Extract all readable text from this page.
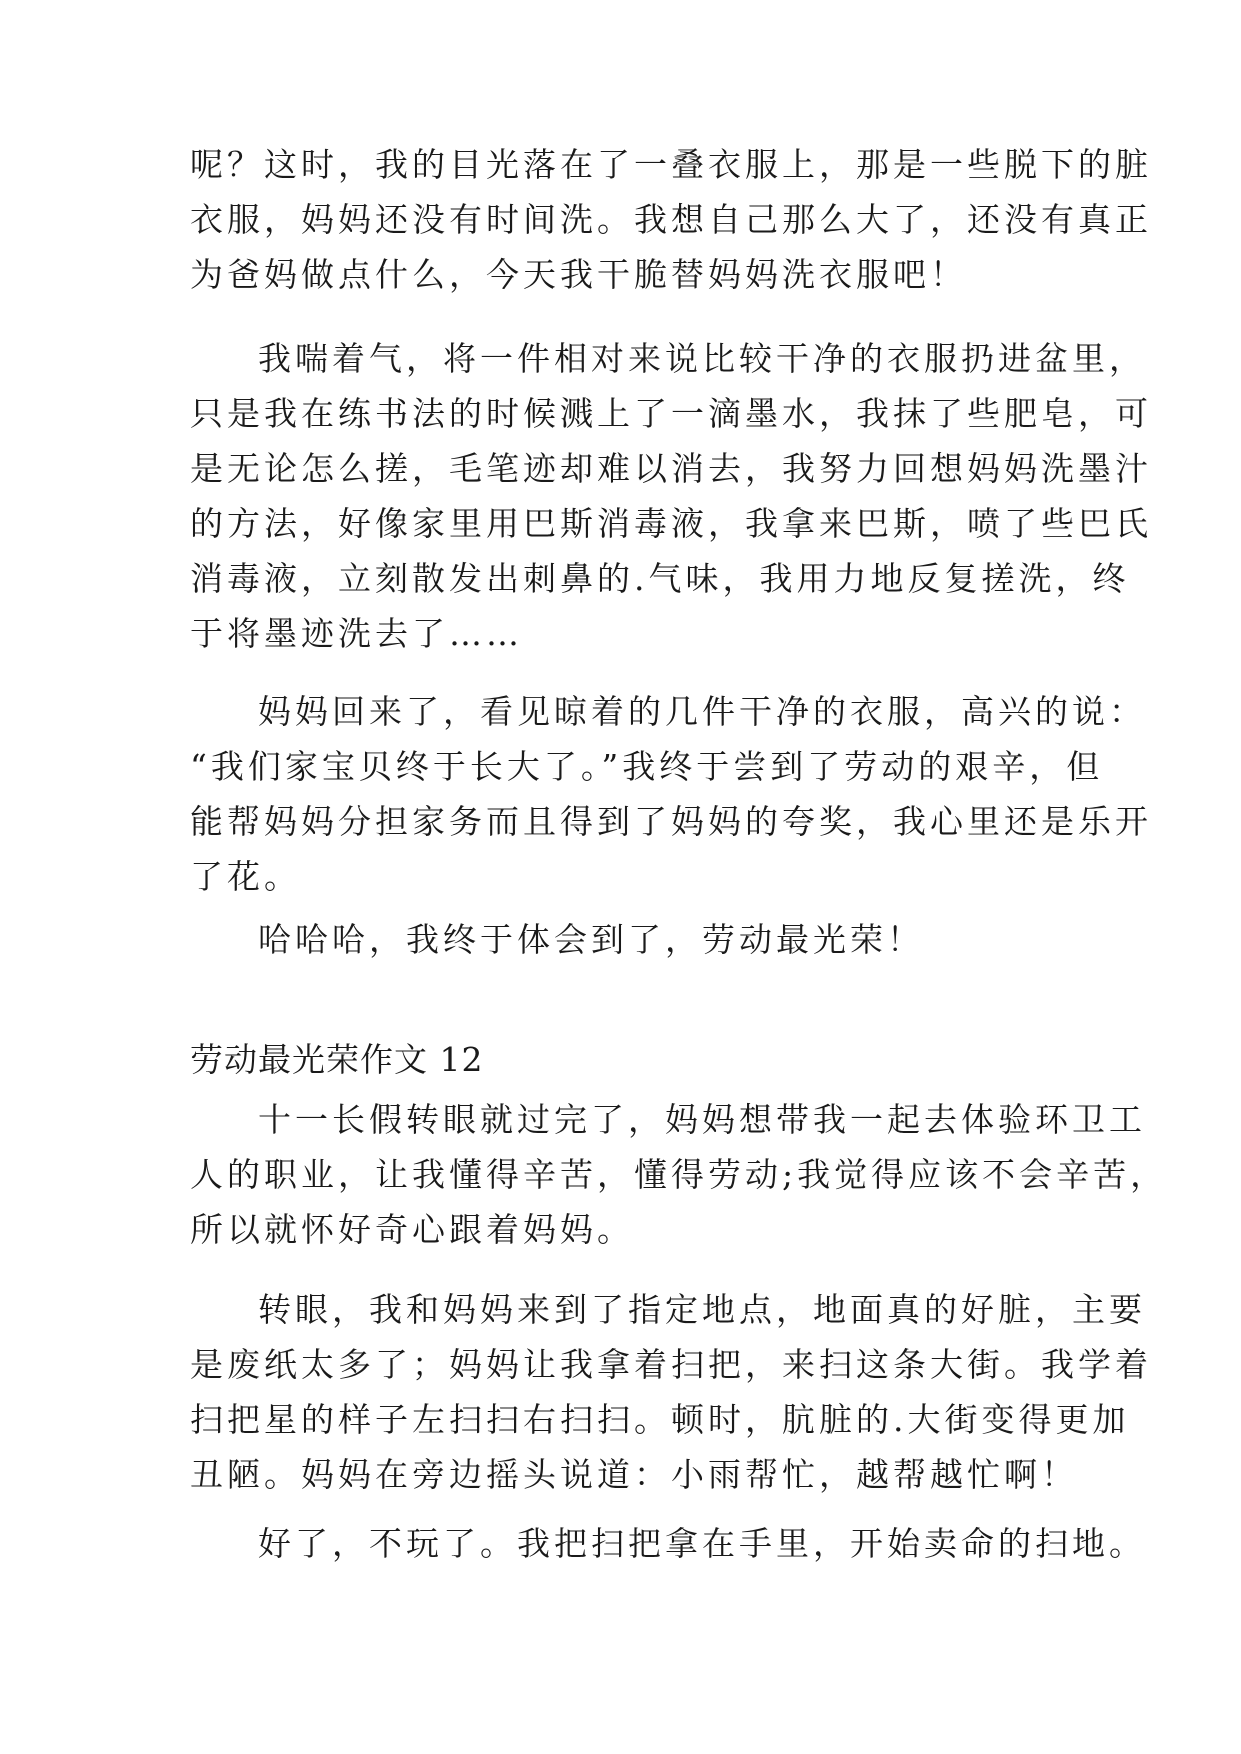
呢？这时，我的目光落在了一叠衣服上，那是一些脱下的脏
衣服，妈妈还没有时间洗。我想自己那么大了，还没有真正
为爸妈做点什么，今天我干脆替妈妈洗衣服吧！
我喘着气，将一件相对来说比较干净的衣服扔进盆里，
只是我在练书法的时候溅上了一滴墨水，我抹了些肥皂，可
是无论怎么搓，毛笔迹却难以消去，我努力回想妈妈洗墨汁
的方法，好像家里用巴斯消毒液，我拿来巴斯，喷了些巴氏
消毒液，立刻散发出刺鼻的.气味，我用力地反复搓洗，终
于将墨迹洗去了……
妈妈回来了，看见晾着的几件干净的衣服，高兴的说：
“我们家宝贝终于长大了。”我终于尝到了劳动的艰辛，但
能帮妈妈分担家务而且得到了妈妈的夸奖，我心里还是乐开
了花。
哈哈哈，我终于体会到了，劳动最光荣！
劳动最光荣作文 12
十一长假转眼就过完了，妈妈想带我一起去体验环卫工
人的职业，让我懂得辛苦，懂得劳动;我觉得应该不会辛苦，
所以就怀好奇心跟着妈妈。
转眼，我和妈妈来到了指定地点，地面真的好脏，主要
是废纸太多了；妈妈让我拿着扫把，来扫这条大街。我学着
扫把星的样子左扫扫右扫扫。顿时，肮脏的.大街变得更加
丑陋。妈妈在旁边摇头说道：小雨帮忙，越帮越忙啊！
好了，不玩了。我把扫把拿在手里，开始卖命的扫地。
